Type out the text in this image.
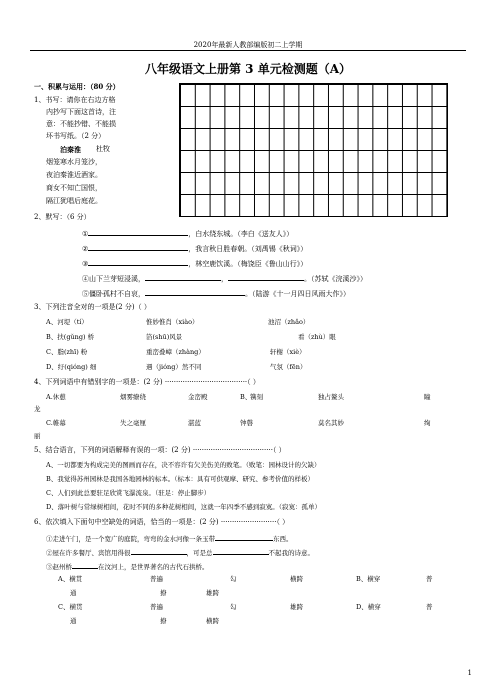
2020年最新人教部编版初二上学期
八年级语文上册第 3 单元检测题（A）
一、积累与运用：（80 分）
1、书写：请你在右边方格
内抄写下面这首诗，注
意：不能抄错、不能损
坏书写纸。（2 分）
泊秦淮 杜牧
烟笼寒水月笼沙，
夜泊秦淮近酒家。
商女不知亡国恨，
隔江犹唱后庭花。
2、默写：（6 分）
①	，白水绕东城。（李白《送友人》）
②	，我言秋日胜春朝。（刘禹锡《秋词》）
③	，林空鹿饮溪。（梅饶臣《鲁山山行》）
④山下兰芽短浸溪，	，	。（苏轼《浣溪沙》）
⑤僵卧孤村不自哀，	。（陆游《十一月四日风雨大作》）
3、下列注音全对的一项是(2 分)（ ）
A、河堤（tí）	惟妙惟肖（xiào）	池沼（zhǎo）
B、扶(gǔng) 桥	箔(shū)风景	看（zhù）眼
C、脂(zhī) 粉	重峦叠嶂（zhàng）	轩榭（xiè）
D、纡(qióng) 细	遇（jióng）然不同	气氛（fēn）
4、下列词语中有错别字的一项是：(2 分) ·····································（ ）
A.休憩	烟雾缭绕	金峦殿	B、
镌刻	独占鳌头	瞳
龙
C.帷幕	失之毫厘	湛蓝	钟磬	莫名其妙	绚
丽
5、结合语言，下列的词语解释有误的一项：(2 分) ····································（ ）
A、一切都要为构成完美的图画而存在，决不容许有欠美伤美的败笔。（败笔：园林设计的欠缺）
B、我觉得苏州园林是我国各地园林的标本。（标本：具有可供观摩、研究、参考价值的样板）
C、人们到此总要驻足欣赏飞瀑流泉。（驻足：停止脚步）
D、落叶树与常绿树相间，花时不同的多种花树相间，这就一年四季不感到寂寞。（寂寞：孤单）
6、依次填入下面句中空缺处的词语，恰当的一项是：(2 分) ·························（ ）
①走进午门，是一个宽广的庭院，弯弯的金水河像一条玉带	东西。
②屋在许多餐厅、宾馆用得很	，可是总	不起我的诗意。
③赵州桥	在汶河上，是世界著名的古代石拱桥。
A、横贯	普遍	勾	横跨	B、横穿	普
通	撩	雄跨
C、横贯	普遍	勾	雄跨	D、横穿	普
通	撩	横跨
1
